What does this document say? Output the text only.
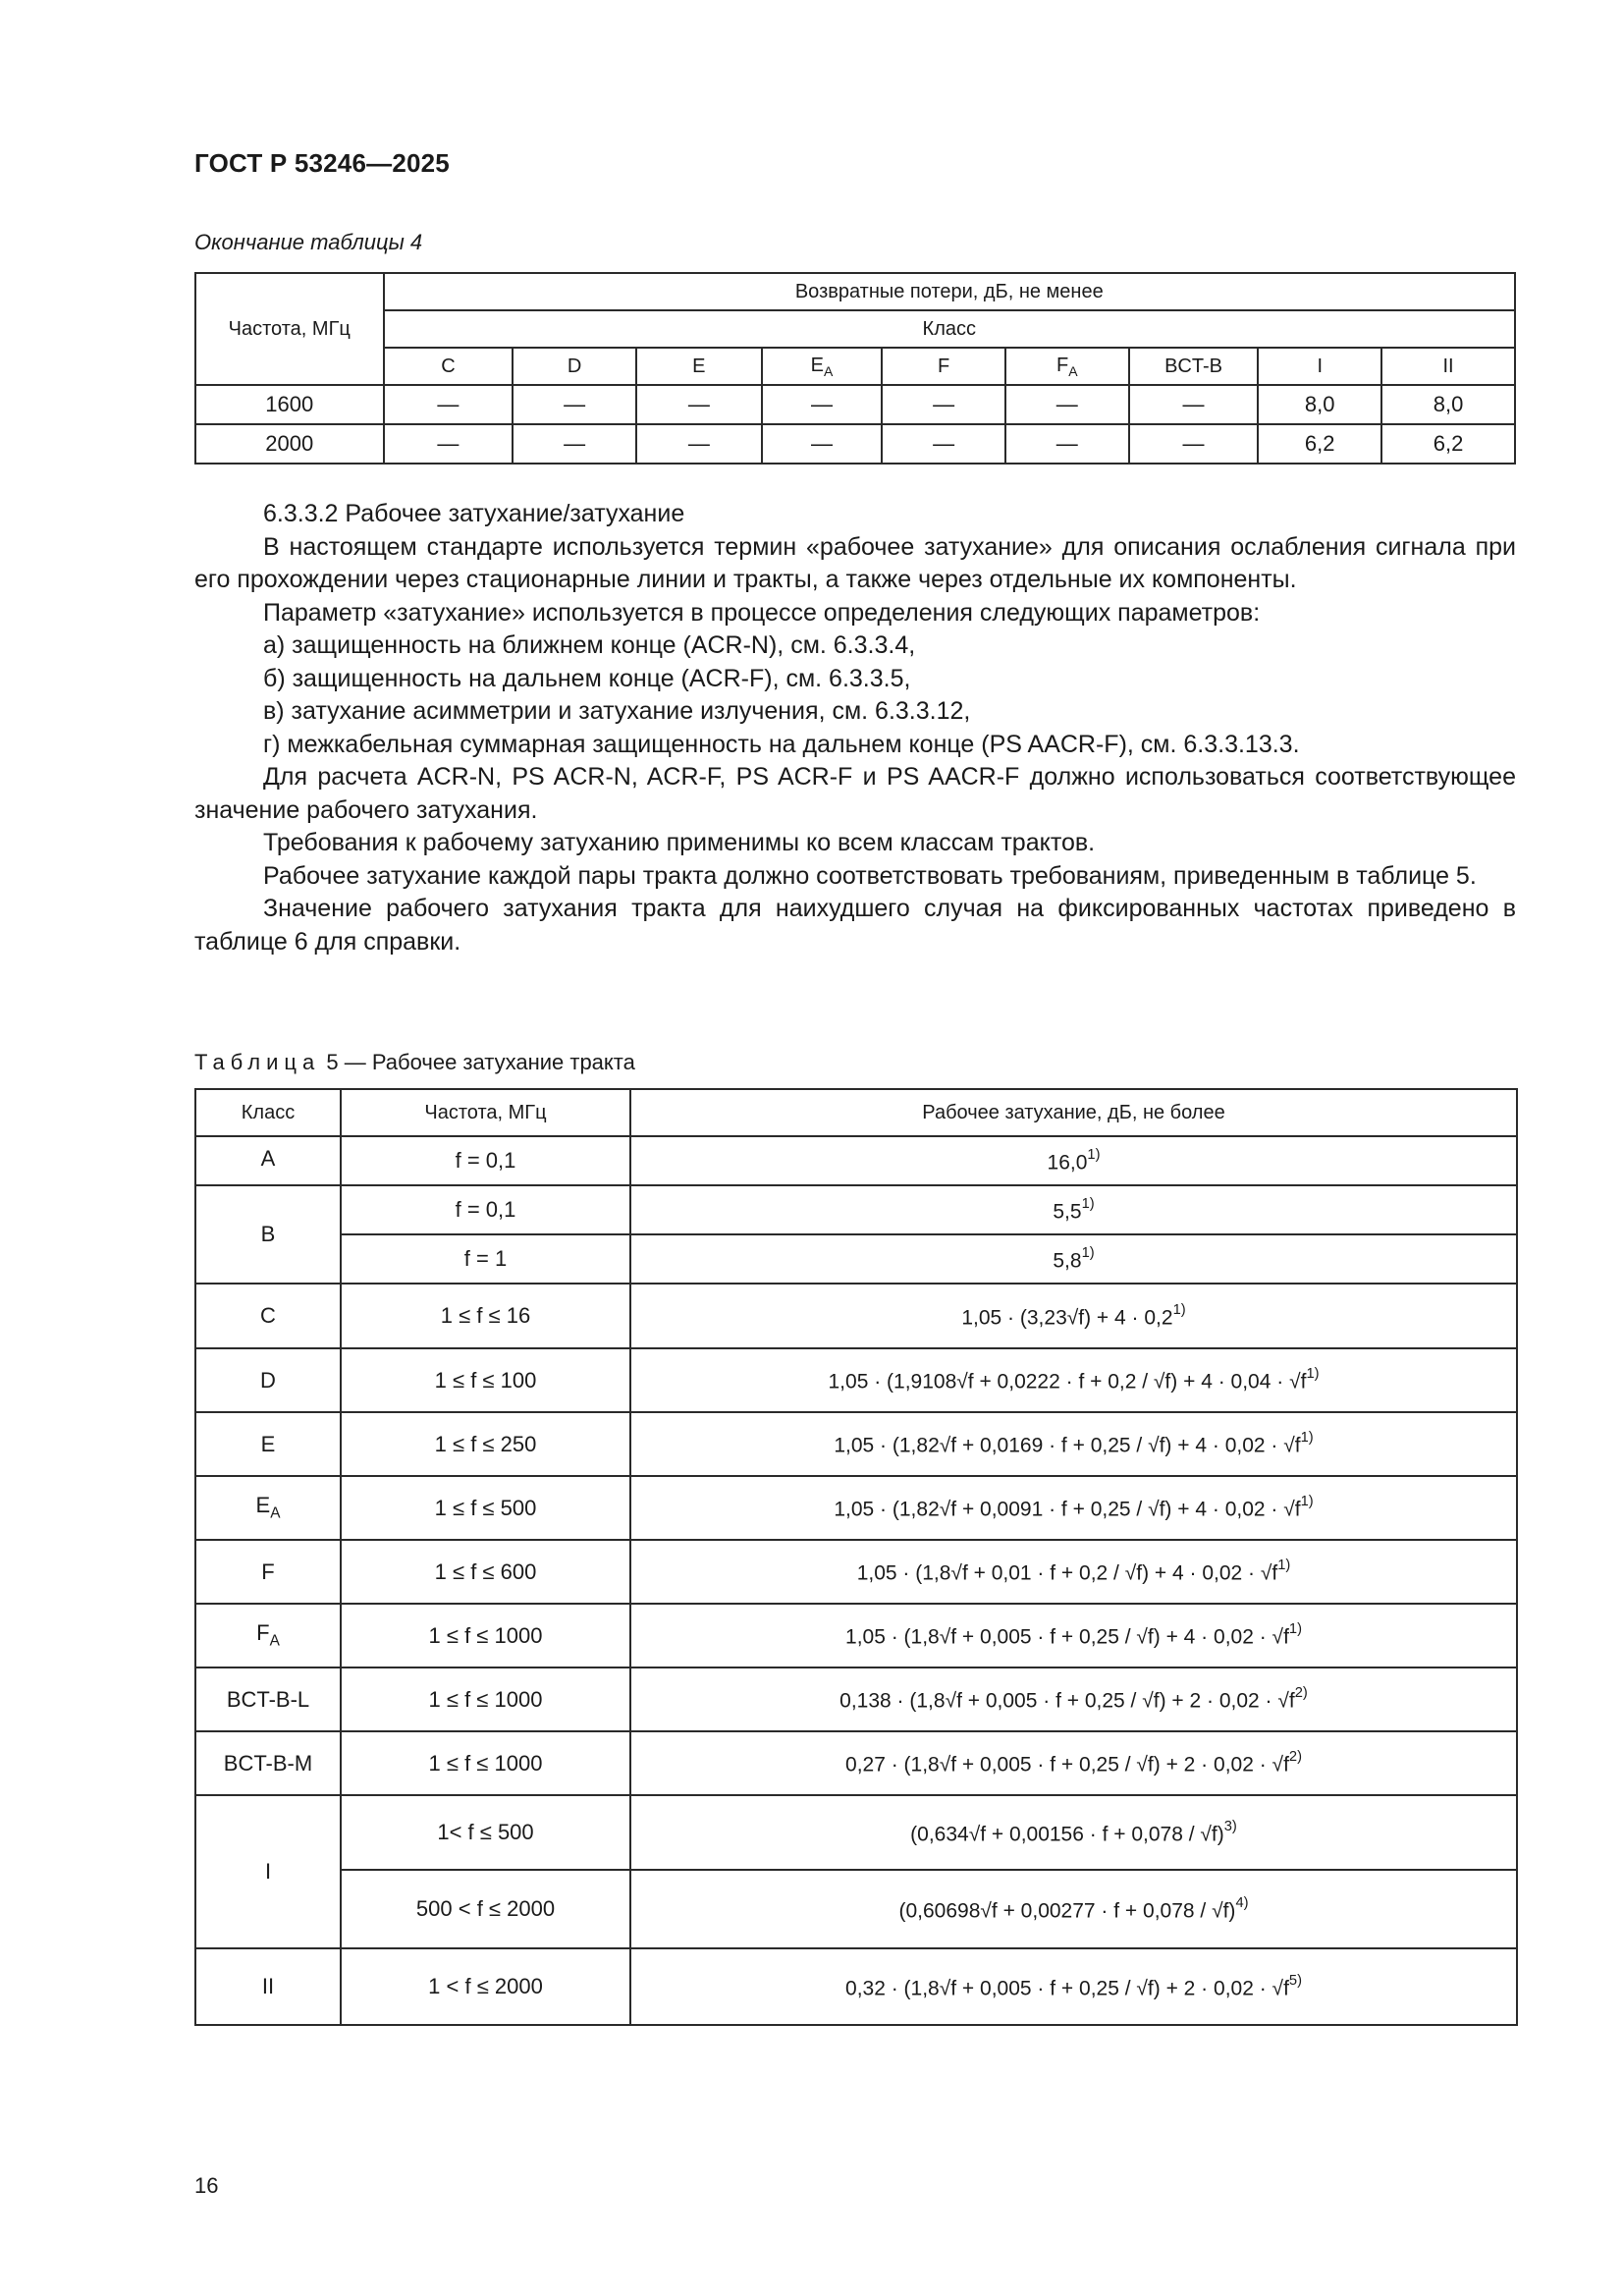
ГОСТ Р 53246—2025
Окончание таблицы 4
Частота, МГц	Возвратные потери, дБ, не менее								
	Класс								
	C	D	E	$E_A$	F	$F_A$	BCT-B	I	II
1600	—	—	—	—	—	—	—	8,0	8,0
2000	—	—	—	—	—	—	—	6,2	6,2

6.3.3.2 Рабочее затухание/затухание

В настоящем стандарте используется термин «рабочее затухание» для описания ослабления сигнала при его прохождении через стационарные линии и тракты, а также через отдельные их компоненты.

Параметр «затухание» используется в процессе определения следующих параметров:

а) защищенность на ближнем конце (ACR-N), см. 6.3.3.4,

б) защищенность на дальнем конце (ACR-F), см. 6.3.3.5,

в) затухание асимметрии и затухание излучения, см. 6.3.3.12,

г) межкабельная суммарная защищенность на дальнем конце (PS AACR-F), см. 6.3.3.13.3.

Для расчета ACR-N, PS ACR-N, ACR-F, PS ACR-F и PS AACR-F должно использоваться соответствующее значение рабочего затухания.

Требования к рабочему затуханию применимы ко всем классам трактов.

Рабочее затухание каждой пары тракта должно соответствовать требованиям, приведенным в таблице 5.

Значение рабочего затухания тракта для наихудшего случая на фиксированных частотах приведено в таблице 6 для справки.

Таблица 5 — Рабочее затухание тракта
Класс	Частота, МГц	Рабочее затухание, дБ, не более
A	f = 0,1	16,0$^{1)}$
B	f = 0,1	5,5$^{1)}$
	f = 1	5,8$^{1)}$
C	1 ≤ f ≤ 16	$1,05 \cdot (3,23√f) + 4 \cdot 0,2^{1)}$
D	1 ≤ f ≤ 100	$1,05 \cdot (1,9108√f + 0,0222 \cdot f + 0,2 / √f) + 4 \cdot 0,04 \cdot √f^{1)}$
E	1 ≤ f ≤ 250	$1,05 \cdot (1,82√f + 0,0169 \cdot f + 0,25 / √f) + 4 \cdot 0,02 \cdot √f^{1)}$
$E_A$	1 ≤ f ≤ 500	$1,05 \cdot (1,82√f + 0,0091 \cdot f + 0,25 / √f) + 4 \cdot 0,02 \cdot √f^{1)}$
F	1 ≤ f ≤ 600	$1,05 \cdot (1,8√f + 0,01 \cdot f + 0,2 / √f) + 4 \cdot 0,02 \cdot √f^{1)}$
$F_A$	1 ≤ f ≤ 1000	$1,05 \cdot (1,8√f + 0,005 \cdot f + 0,25 / √f) + 4 \cdot 0,02 \cdot √f^{1)}$
BCT-B-L	1 ≤ f ≤ 1000	$0,138 \cdot (1,8√f + 0,005 \cdot f + 0,25 / √f) + 2 \cdot 0,02 \cdot √f^{2)}$
BCT-B-M	1 ≤ f ≤ 1000	$0,27 \cdot (1,8√f + 0,005 \cdot f + 0,25 / √f) + 2 \cdot 0,02 \cdot √f^{2)}$
I	1< f ≤ 500	$(0,634√f + 0,00156 \cdot f + 0,078 / √f)^{3)}$
	500 < f ≤ 2000	$(0,60698√f + 0,00277 \cdot f + 0,078 / √f)^{4)}$
II	1 < f ≤ 2000	$0,32 \cdot (1,8√f + 0,005 \cdot f + 0,25 / √f) + 2 \cdot 0,02 \cdot √f^{5)}$
16
